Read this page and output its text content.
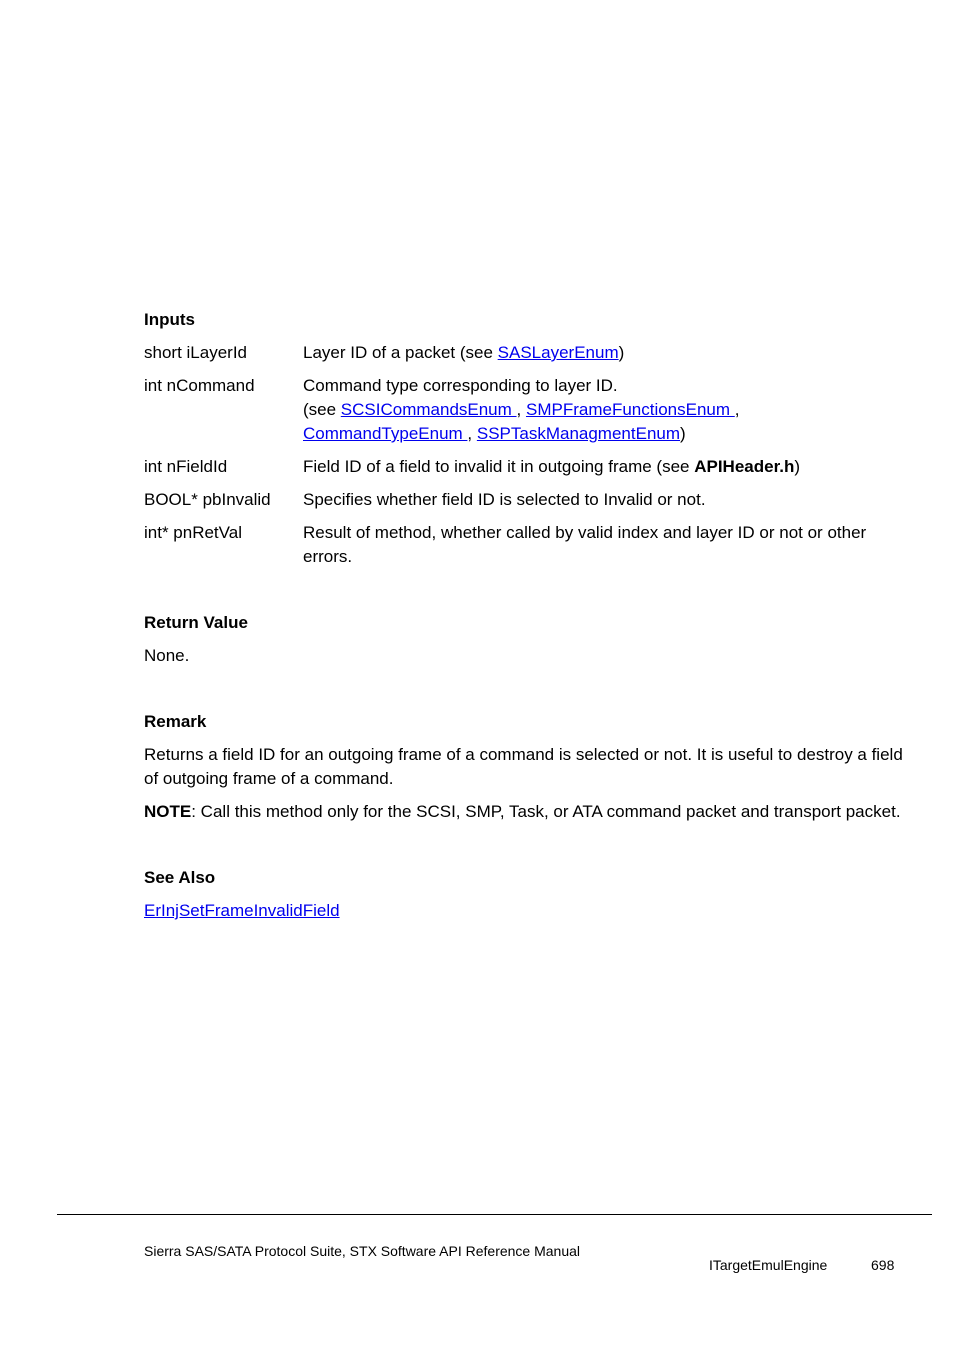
Inputs
short iLayerId	Layer ID of a packet (see SASLayerEnum)
int nCommand	Command type corresponding to layer ID.
(see SCSICommandsEnum , SMPFrameFunctionsEnum ,
CommandTypeEnum , SSPTaskManagmentEnum)
int nFieldId	Field ID of a field to invalid it in outgoing frame (see APIHeader.h)
BOOL* pbInvalid	Specifies whether field ID is selected to Invalid or not.
int* pnRetVal	Result of method, whether called by valid index and layer ID or not or other errors.
Return Value
None.
Remark
Returns a field ID for an outgoing frame of a command is selected or not. It is useful to destroy a field of outgoing frame of a command.
NOTE: Call this method only for the SCSI, SMP, Task, or ATA command packet and transport packet.
See Also
ErInjSetFrameInvalidField
Sierra SAS/SATA Protocol Suite, STX Software API Reference Manual
ITargetEmulEngine	698
